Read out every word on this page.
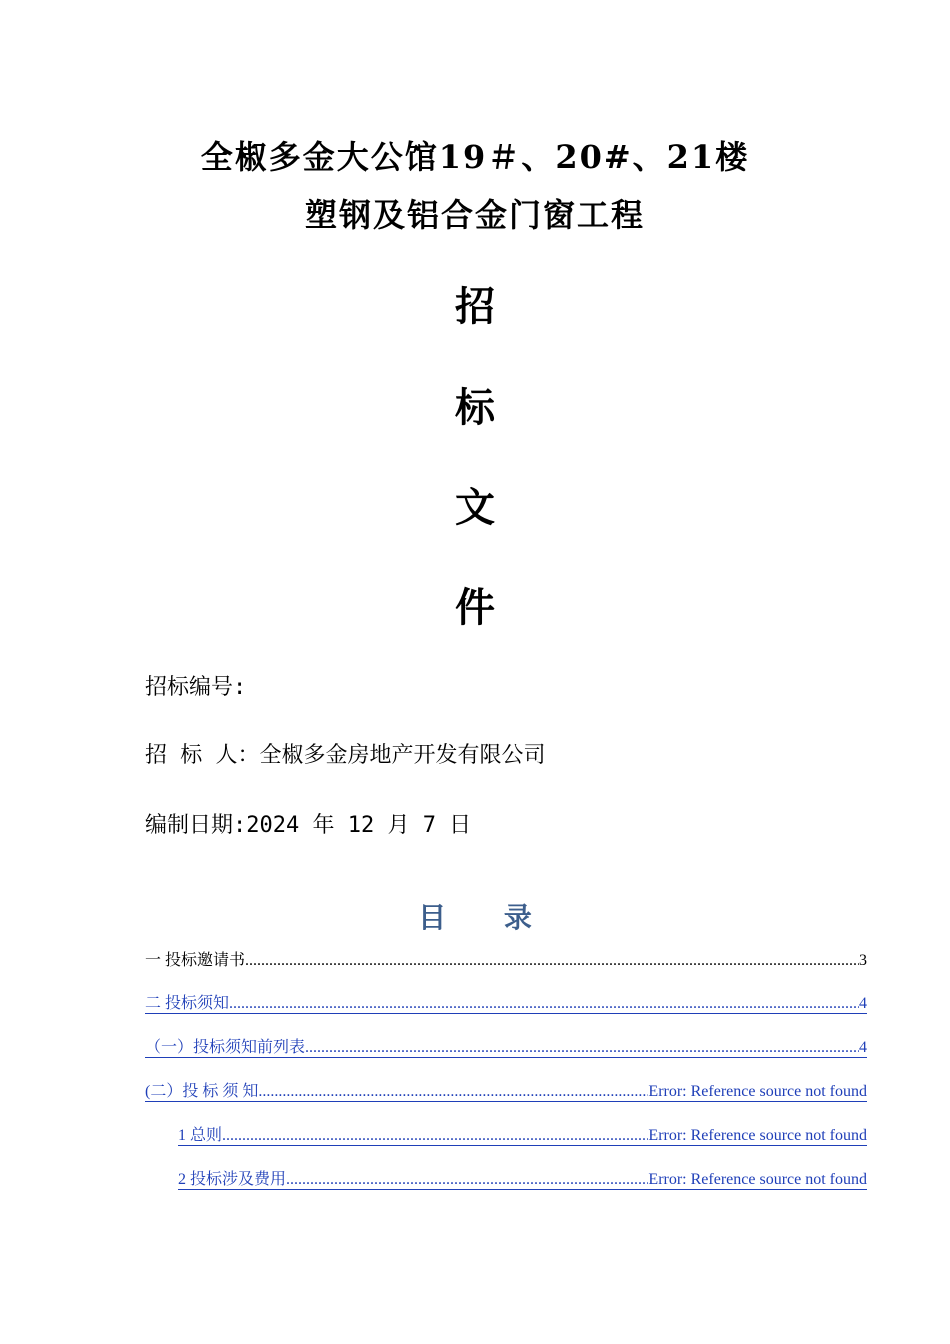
全椒多金大公馆19＃、20#、21楼
塑钢及铝合金门窗工程
招
标
文
件
招标编号:
招 标 人：全椒多金房地产开发有限公司
编制日期:2024 年 12 月 7 日
目 录
一 投标邀请书 .....	3
二 投标须知 .....	4
（一）投标须知前列表 .....	4
(二）投 标 须 知 .....	Error: Reference source not found
1 总则 .....	Error: Reference source not found
2 投标涉及费用 .....	Error: Reference source not found
